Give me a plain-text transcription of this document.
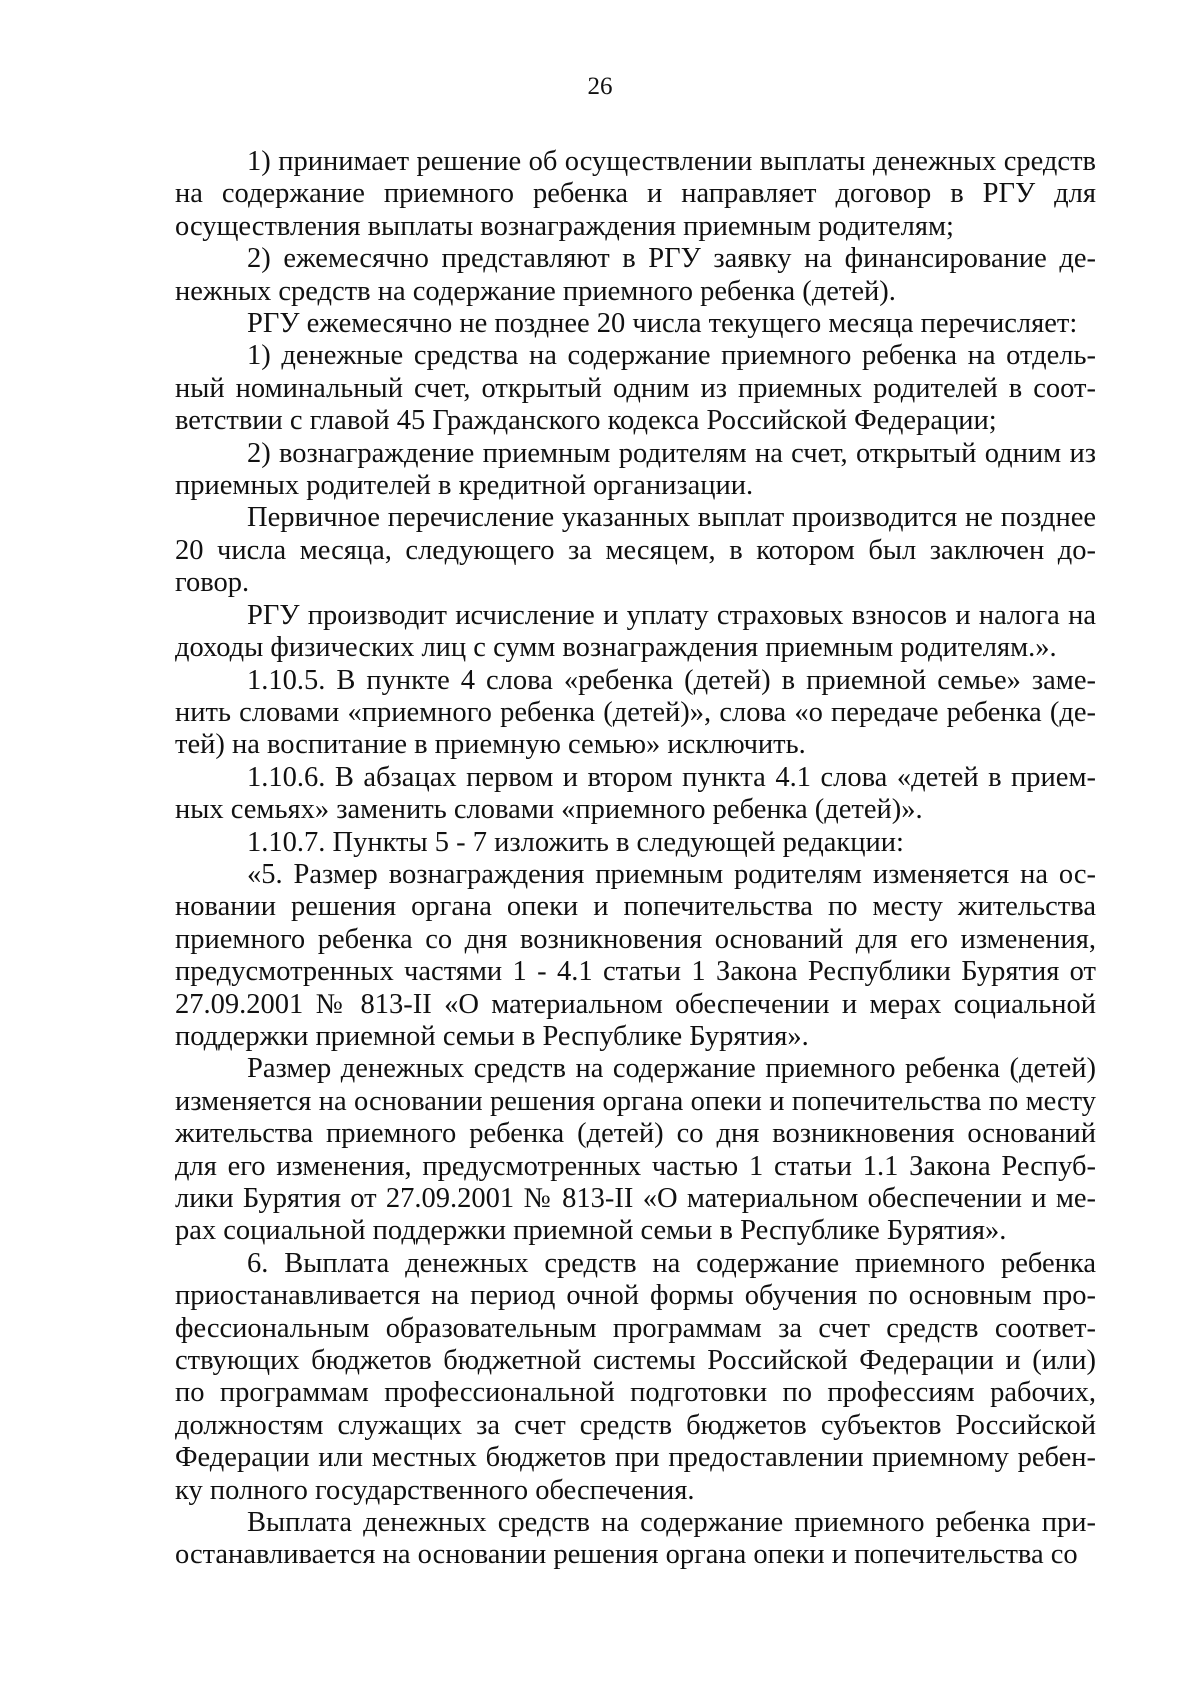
26

1) принимает решение об осуществлении выплаты денежных средств на содержание приемного ребенка и направляет договор в РГУ для осуществления выплаты вознаграждения приемным родителям;

2) ежемесячно представляют в РГУ заявку на финансирование денежных средств на содержание приемного ребенка (детей).

РГУ ежемесячно не позднее 20 числа текущего месяца перечисляет:

1) денежные средства на содержание приемного ребенка на отдельный номинальный счет, открытый одним из приемных родителей в соответствии с главой 45 Гражданского кодекса Российской Федерации;

2) вознаграждение приемным родителям на счет, открытый одним из приемных родителей в кредитной организации.

Первичное перечисление указанных выплат производится не позднее 20 числа месяца, следующего за месяцем, в котором был заключен договор.

РГУ производит исчисление и уплату страховых взносов и налога на доходы физических лиц с сумм вознаграждения приемным родителям.».

1.10.5. В пункте 4 слова «ребенка (детей) в приемной семье» заменить словами «приемного ребенка (детей)», слова «о передаче ребенка (детей) на воспитание в приемную семью» исключить.

1.10.6. В абзацах первом и втором пункта 4.1 слова «детей в приемных семьях» заменить словами «приемного ребенка (детей)».

1.10.7. Пункты 5 - 7 изложить в следующей редакции:

«5. Размер вознаграждения приемным родителям изменяется на основании решения органа опеки и попечительства по месту жительства приемного ребенка со дня возникновения оснований для его изменения, предусмотренных частями 1 - 4.1 статьи 1 Закона Республики Бурятия от 27.09.2001 № 813-II «О материальном обеспечении и мерах социальной поддержки приемной семьи в Республике Бурятия».

Размер денежных средств на содержание приемного ребенка (детей) изменяется на основании решения органа опеки и попечительства по месту жительства приемного ребенка (детей) со дня возникновения оснований для его изменения, предусмотренных частью 1 статьи 1.1 Закона Республики Бурятия от 27.09.2001 № 813-II «О материальном обеспечении и мерах социальной поддержки приемной семьи в Республике Бурятия».

6. Выплата денежных средств на содержание приемного ребенка приостанавливается на период очной формы обучения по основным профессиональным образовательным программам за счет средств соответствующих бюджетов бюджетной системы Российской Федерации и (или) по программам профессиональной подготовки по профессиям рабочих, должностям служащих за счет средств бюджетов субъектов Российской Федерации или местных бюджетов при предоставлении приемному ребенку полного государственного обеспечения.

Выплата денежных средств на содержание приемного ребенка приостанавливается на основании решения органа опеки и попечительства со
